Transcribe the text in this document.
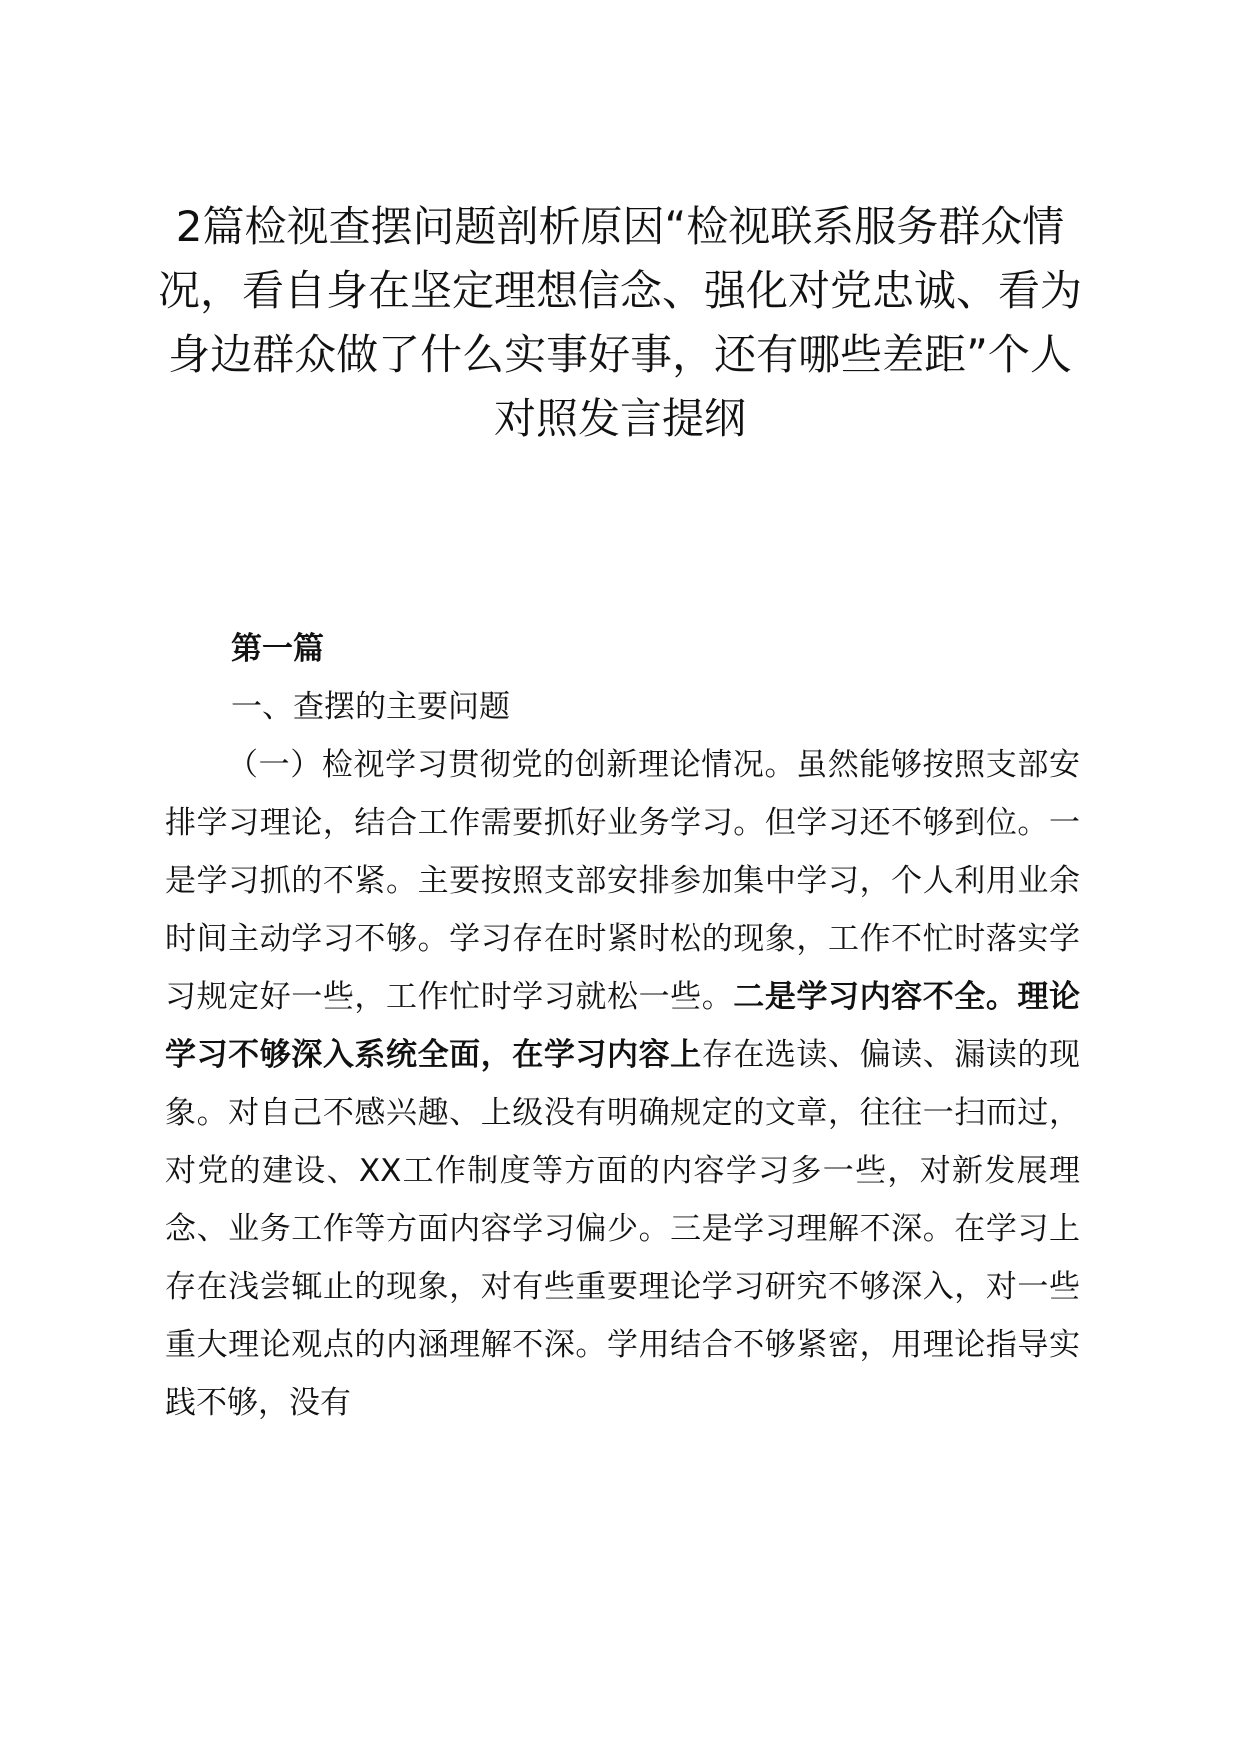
2篇检视查摆问题剖析原因“检视联系服务群众情况，看自身在坚定理想信念、强化对党忠诚、看为身边群众做了什么实事好事，还有哪些差距”个人对照发言提纲

第一篇

一、查摆的主要问题

（一）检视学习贯彻党的创新理论情况。虽然能够按照支部安排学习理论，结合工作需要抓好业务学习。但学习还不够到位。一是学习抓的不紧。主要按照支部安排参加集中学习，个人利用业余时间主动学习不够。学习存在时紧时松的现象，工作不忙时落实学习规定好一些，工作忙时学习就松一些。二是学习内容不全。理论学习不够深入系统全面，在学习内容上存在选读、偏读、漏读的现象。对自己不感兴趣、上级没有明确规定的文章，往往一扫而过，对党的建设、XX工作制度等方面的内容学习多一些，对新发展理念、业务工作等方面内容学习偏少。三是学习理解不深。在学习上存在浅尝辄止的现象，对有些重要理论学习研究不够深入，对一些重大理论观点的内涵理解不深。学用结合不够紧密，用理论指导实践不够，没有
